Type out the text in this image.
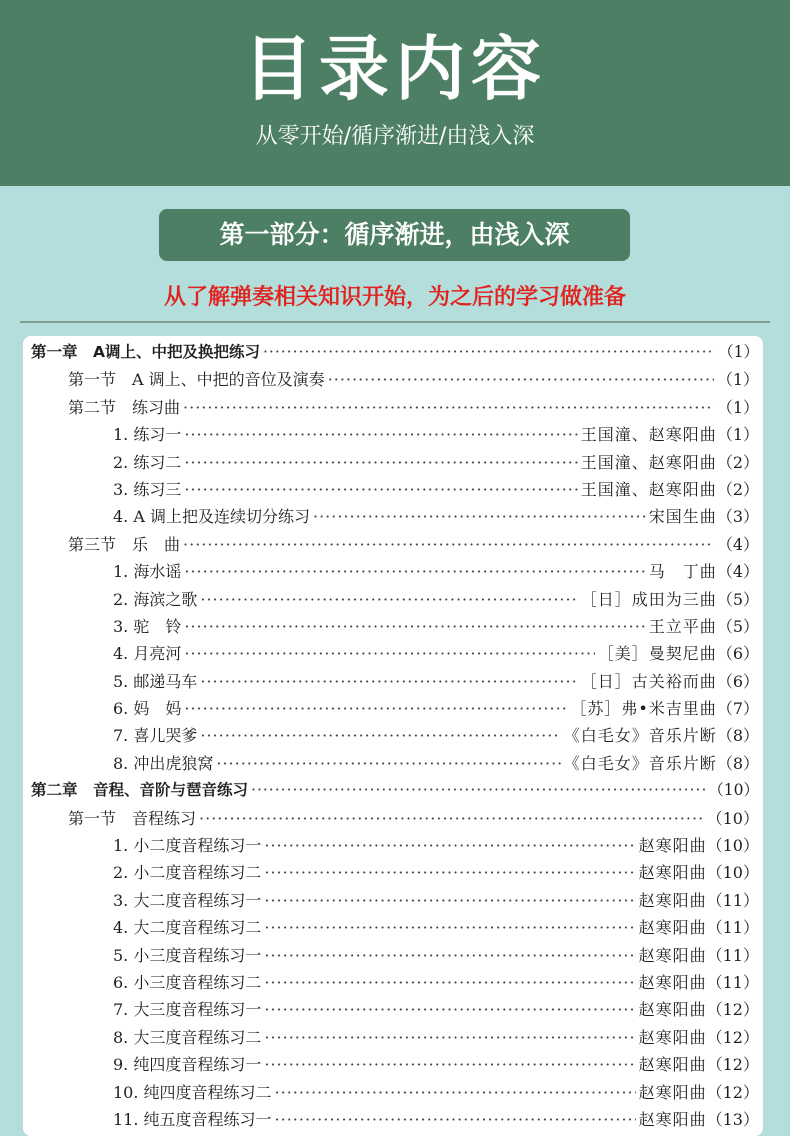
目录内容
从零开始/循序渐进/由浅入深
第一部分：循序渐进，由浅入深
从了解弹奏相关知识开始，为之后的学习做准备
第一章　A调上、中把及换把练习 ·····	（1）
第一节　A 调上、中把的音位及演奏 ·····	（1）
第二节　练习曲 ·····	（1）
1. 练习一 ·····	王国潼、赵寒阳曲 （1）
2. 练习二 ·····	王国潼、赵寒阳曲 （2）
3. 练习三 ·····	王国潼、赵寒阳曲 （2）
4. A 调上把及连续切分练习 ·····	宋国生曲 （3）
第三节　乐　曲 ·····	（4）
1. 海水谣 ·····	马　丁曲 （4）
2. 海滨之歌 ·····	［日］成田为三曲 （5）
3. 驼　铃 ·····	王立平曲 （5）
4. 月亮河 ·····	［美］曼契尼曲 （6）
5. 邮递马车 ·····	［日］古关裕而曲 （6）
6. 妈　妈 ·····	［苏］弗•米吉里曲 （7）
7. 喜儿哭爹 ·····	《白毛女》音乐片断 （8）
8. 冲出虎狼窝 ·····	《白毛女》音乐片断 （8）
第二章　音程、音阶与琶音练习 ·····	（10）
第一节　音程练习 ·····	（10）
1. 小二度音程练习一 ·····	赵寒阳曲 （10）
2. 小二度音程练习二 ·····	赵寒阳曲 （10）
3. 大二度音程练习一 ·····	赵寒阳曲 （11）
4. 大二度音程练习二 ·····	赵寒阳曲 （11）
5. 小三度音程练习一 ·····	赵寒阳曲 （11）
6. 小三度音程练习二 ·····	赵寒阳曲 （11）
7. 大三度音程练习一 ·····	赵寒阳曲 （12）
8. 大三度音程练习二 ·····	赵寒阳曲 （12）
9. 纯四度音程练习一 ·····	赵寒阳曲 （12）
10. 纯四度音程练习二 ·····	赵寒阳曲 （12）
11. 纯五度音程练习一 ·····	赵寒阳曲 （13）
